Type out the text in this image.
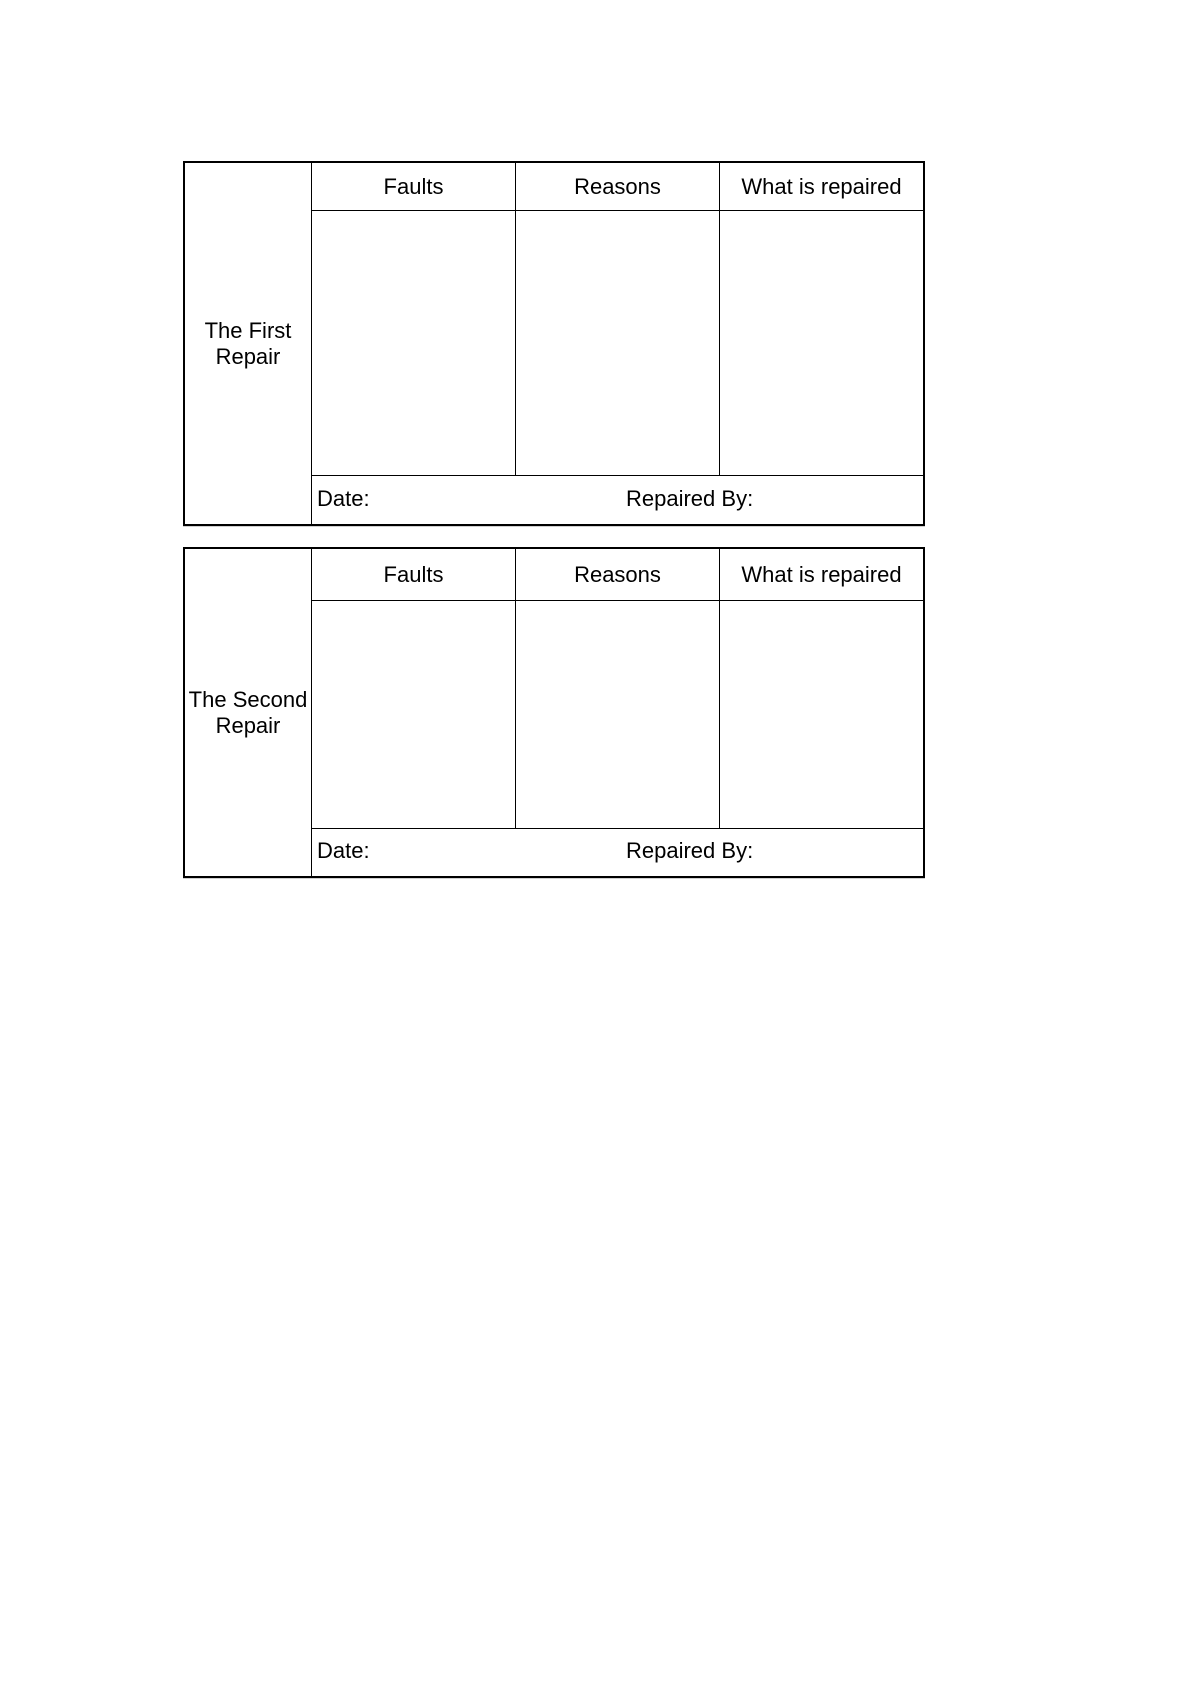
The First
Repair
Faults	Reasons	What is repaired
Date:	Repaired By:
The Second
Repair
Faults	Reasons	What is repaired
Date:	Repaired By:
